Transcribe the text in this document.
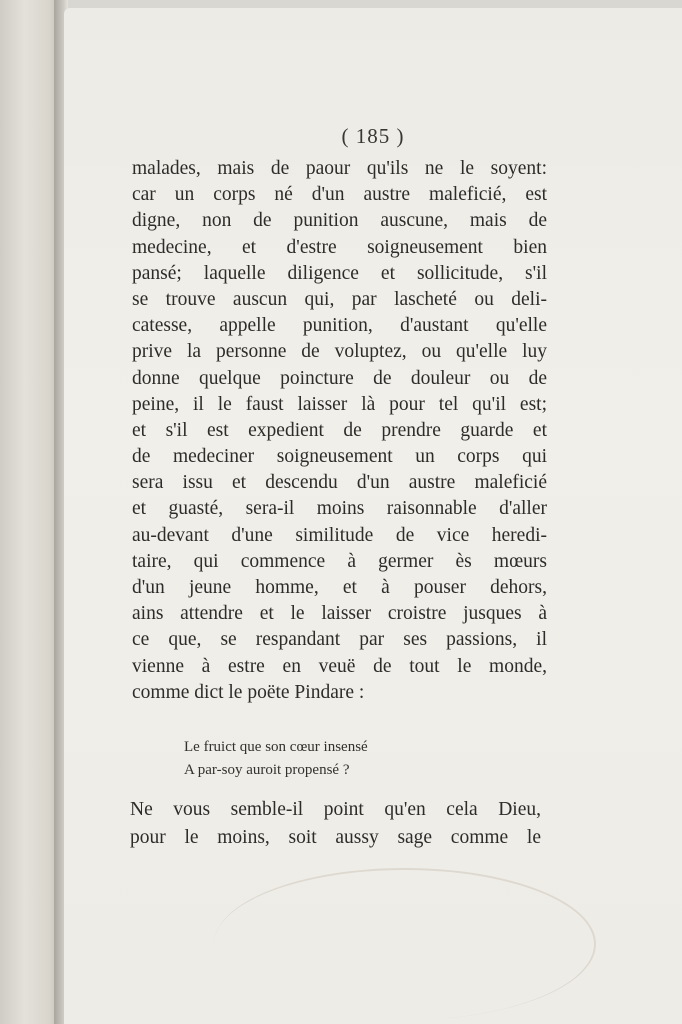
( 185 )
malades, mais de paour qu'ils ne le soyent:
car un corps né d'un austre maleficié, est
digne, non de punition auscune, mais de
medecine, et d'estre soigneusement bien
pansé; laquelle diligence et sollicitude, s'il
se trouve auscun qui, par lascheté ou deli-
catesse, appelle punition, d'austant qu'elle
prive la personne de voluptez, ou qu'elle luy
donne quelque poincture de douleur ou de
peine, il le faust laisser là pour tel qu'il est;
et s'il est expedient de prendre guarde et
de medeciner soigneusement un corps qui
sera issu et descendu d'un austre maleficié
et guasté, sera-il moins raisonnable d'aller
au-devant d'une similitude de vice heredi-
taire, qui commence à germer ès mœurs
d'un jeune homme, et à pouser dehors,
ains attendre et le laisser croistre jusques à
ce que, se respandant par ses passions, il
vienne à estre en veuë de tout le monde,
comme dict le poëte Pindare :
Le fruict que son cœur insensé
A par-soy auroit propensé ?
Ne vous semble-il point qu'en cela Dieu,
pour le moins, soit aussy sage comme le
